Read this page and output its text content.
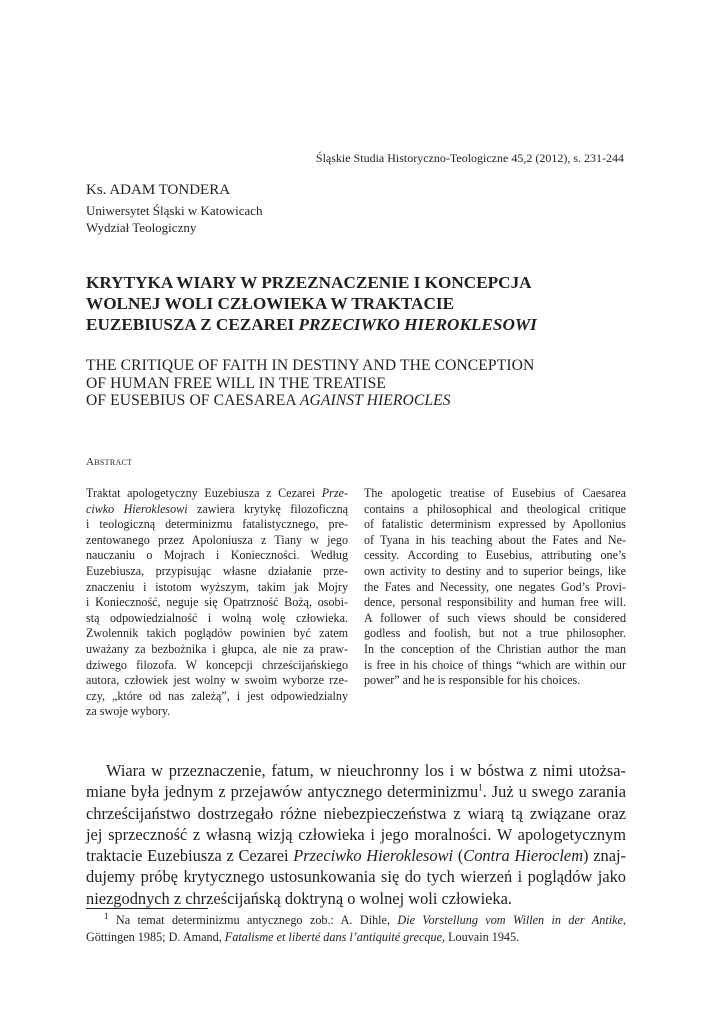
Śląskie Studia Historyczno-Teologiczne 45,2 (2012), s. 231-244
Ks. ADAM TONDERA
Uniwersytet Śląski w Katowicach
Wydział Teologiczny
KRYTYKA WIARY W PRZEZNACZENIE I KONCEPCJA
WOLNEJ WOLI CZŁOWIEKA W TRAKTACIE
EUZEBIUSZA Z CEZAREI PRZECIWKO HIEROKLESOWI
THE CRITIQUE OF FAITH IN DESTINY AND THE CONCEPTION
OF HUMAN FREE WILL IN THE TREATISE
OF EUSEBIUS OF CAESAREA AGAINST HIEROCLES
Abstract
Traktat apologetyczny Euzebiusza z Cezarei Prze-
ciwko Hieroklesowi zawiera krytykę filozoficzną
i teologiczną determinizmu fatalistycznego, pre-
zentowanego przez Apoloniusza z Tiany w jego
nauczaniu o Mojrach i Konieczności. Według
Euzebiusza, przypisując własne działanie prze-
znaczeniu i istotom wyższym, takim jak Mojry
i Konieczność, neguje się Opatrzność Bożą, osobi-
stą odpowiedzialność i wolną wolę człowieka.
Zwolennik takich poglądów powinien być zatem
uważany za bezbożnika i głupca, ale nie za praw-
dziwego filozofa. W koncepcji chrześcijańskiego
autora, człowiek jest wolny w swoim wyborze rze-
czy, „które od nas zależą”, i jest odpowiedzialny
za swoje wybory.
The apologetic treatise of Eusebius of Caesarea
contains a philosophical and theological critique
of fatalistic determinism expressed by Apollonius
of Tyana in his teaching about the Fates and Ne-
cessity. According to Eusebius, attributing one’s
own activity to destiny and to superior beings, like
the Fates and Necessity, one negates God’s Provi-
dence, personal responsibility and human free will.
A follower of such views should be considered
godless and foolish, but not a true philosopher.
In the conception of the Christian author the man
is free in his choice of things “which are within our
power” and he is responsible for his choices.
Wiara w przeznaczenie, fatum, w nieuchronny los i w bóstwa z nimi utożsa-
miane była jednym z przejawów antycznego determinizmu$^1$. Już u swego zarania
chrześcijaństwo dostrzegało różne niebezpieczeństwa z wiarą tą związane oraz
jej sprzeczność z własną wizją człowieka i jego moralności. W apologetycznym
traktacie Euzebiusza z Cezarei Przeciwko Hieroklesowi (Contra Hieroclem) znaj-
dujemy próbę krytycznego ustosunkowania się do tych wierzeń i poglądów jako
niezgodnych z chrześcijańską doktryną o wolnej woli człowieka.
$^1$ Na temat determinizmu antycznego zob.: A. Dihle, Die Vorstellung vom Willen in der Antike,
Göttingen 1985; D. Amand, Fatalisme et liberté dans l’antiquité grecque, Louvain 1945.
